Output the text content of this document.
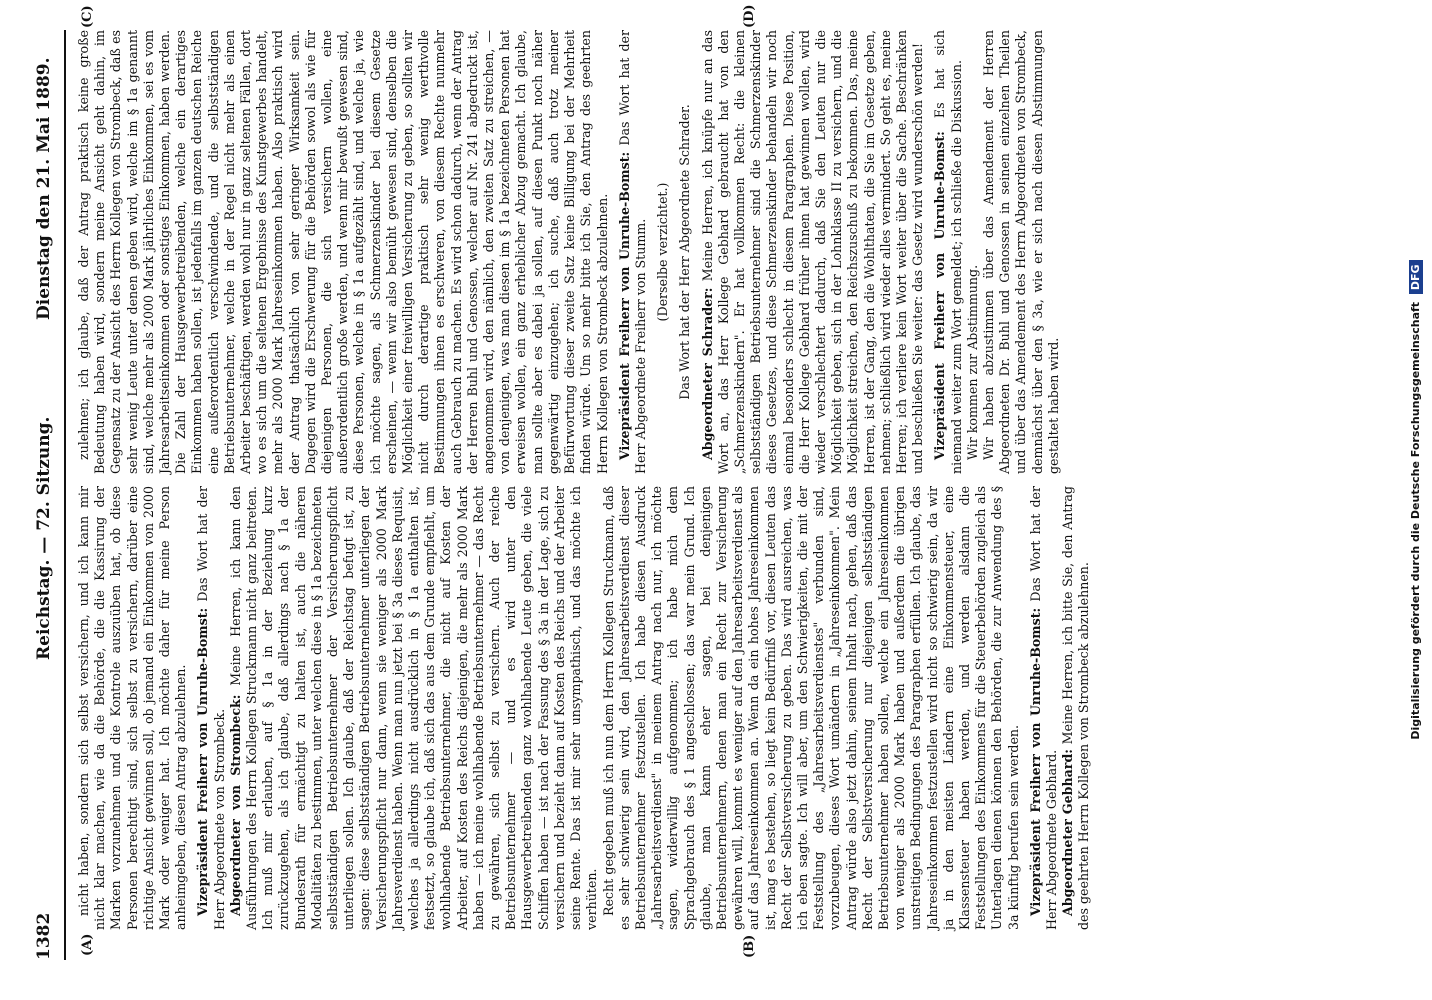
1382
Reichstag. — 72. Sitzung.
Dienstag den 21. Mai 1889.
(A)	(B)
(C)	(D)

nicht haben, sondern sich selbst versichern, und ich kann mir nicht klar machen, wie da die Behörde, die die Kassirung der Marken vorzunehmen und die Kontrole auszuüben hat, ob diese Personen berechtigt sind, sich selbst zu versichern, darüber eine richtige Ansicht gewinnen soll, ob jemand ein Einkommen von 2000 Mark oder weniger hat. Ich möchte daher für meine Person anheimgeben, diesen Antrag abzulehnen. Vizepräsident Freiherr von Unruhe-Bomst: Das Wort hat der Herr Abgeordnete von Strombeck. Abgeordneter von Strombeck: Meine Herren, ich kann den Ausführungen des Herrn Kollegen Struckmann nicht ganz beitreten. Ich muß mir erlauben, auf § 1a in der Beziehung kurz zurückzugehen, als ich glaube, daß allerdings nach § 1a der Bundesrath für ermächtigt zu halten ist, auch die näheren Modalitäten zu bestimmen, unter welchen diese in § 1a bezeichneten selbstständigen Betriebsunternehmer der Versicherungspflicht unterliegen sollen. Ich glaube, daß der Reichstag befugt ist, zu sagen: diese selbstständigen Betriebsunternehmer unterliegen der Versicherungspflicht nur dann, wenn sie weniger als 2000 Mark Jahresverdienst haben. Wenn man nun jetzt bei § 3a dieses Requisit, welches ja allerdings nicht ausdrücklich in § 1a enthalten ist, festsetzt, so glaube ich, daß sich das aus dem Grunde empfiehlt, um wohlhabende Betriebsunternehmer, die nicht auf Kosten der Arbeiter, auf Kosten des Reichs diejenigen, die mehr als 2000 Mark haben — ich meine wohlhabende Betriebsunternehmer — das Recht zu gewähren, sich selbst zu versichern. Auch der reiche Betriebsunternehmer — und es wird unter den Hausgewerbetreibenden ganz wohlhabende Leute geben, die viele Schiffen haben — ist nach der Fassung des § 3a in der Lage, sich zu versichern und bezieht dann auf Kosten des Reichs und der Arbeiter seine Rente. Das ist mir sehr unsympathisch, und das möchte ich verhüten. Recht gegeben muß ich nun dem Herrn Kollegen Struckmann, daß es sehr schwierig sein wird, den Jahresarbeitsverdienst dieser Betriebsunternehmer festzustellen. Ich habe diesen Ausdruck „Jahresarbeitsverdienst" in meinem Antrag nach nur, ich möchte sagen, widerwillig aufgenommen; ich habe mich dem Sprachgebrauch des § 1 angeschlossen; das war mein Grund. Ich glaube, man kann eher sagen, bei denjenigen Betriebsunternehmern, denen man ein Recht zur Versicherung gewähren will, kommt es weniger auf den Jahresarbeitsverdienst als auf das Jahreseinkommen an. Wenn da ein hohes Jahreseinkommen ist, mag es bestehen, so liegt kein Bedürfniß vor, diesen Leuten das Recht der Selbstversicherung zu geben. Das wird ausreichen, was ich eben sagte. Ich will aber, um den Schwierigkeiten, die mit der Feststellung des „Jahresarbeitsverdienstes" verbunden sind, vorzubeugen, dieses Wort umändern in „Jahreseinkommen". Mein Antrag würde also jetzt dahin, seinem Inhalt nach, gehen, daß das Recht der Selbstversicherung nur diejenigen selbstständigen Betriebsunternehmer haben sollen, welche ein Jahreseinkommen von weniger als 2000 Mark haben und außerdem die übrigen unstreitigen Bedingungen des Paragraphen erfüllen. Ich glaube, das Jahreseinkommen festzustellen wird nicht so schwierig sein, da wir ja in den meisten Ländern eine Einkommensteuer, eine Klassensteuer haben werden, und werden alsdann die Feststellungen des Einkommens für die Steuerbehörden zugleich als Unterlagen dienen können den Behörden, die zur Anwendung des § 3a künftig berufen sein werden. Vizepräsident Freiherr von Unruhe-Bomst: Das Wort hat der Herr Abgeordnete Gebhard. Abgeordneter Gebhard: Meine Herren, ich bitte Sie, den Antrag des geehrten Herrn Kollegen von Strombeck abzulehnen.

zulehnen; ich glaube, daß der Antrag praktisch keine große Bedeutung haben wird, sondern meine Ansicht geht dahin, im Gegensatz zu der Ansicht des Herrn Kollegen von Strombeck, daß es sehr wenig Leute unter denen geben wird, welche im § 1a genannt sind, welche mehr als 2000 Mark jährliches Einkommen, sei es vom Jahresarbeitseinkommen oder sonstiges Einkommen, haben werden. Die Zahl der Hausgewerbetreibenden, welche ein derartiges Einkommen haben sollen, ist jedenfalls im ganzen deutschen Reiche eine außerordentlich verschwindende, und die selbstständigen Betriebsunternehmer, welche in der Regel nicht mehr als einen Arbeiter beschäftigen, werden wohl nur in ganz seltenen Fällen, dort wo es sich um die seltenen Ergebnisse des Kunstgewerbes handelt, mehr als 2000 Mark Jahreseinkommen haben. Also praktisch wird der Antrag thatsächlich von sehr geringer Wirksamkeit sein. Dagegen wird die Erschwerung für die Behörden sowol als wie für diejenigen Personen, die sich versichern wollen, eine außerordentlich große werden, und wenn mir bewußt gewesen sind, diese Personen, welche in § 1a aufgezählt sind, und welche ja, wie ich möchte sagen, als Schmerzenskinder bei diesem Gesetze erscheinen, — wenn wir also bemüht gewesen sind, denselben die Möglichkeit einer freiwilligen Versicherung zu geben, so sollten wir nicht durch derartige praktisch sehr wenig werthvolle Bestimmungen ihnen es erschweren, von diesem Rechte nunmehr auch Gebrauch zu machen. Es wird schon dadurch, wenn der Antrag der Herren Buhl und Genossen, welcher auf Nr. 241 abgedruckt ist, angenommen wird, den nämlich, den zweiten Satz zu streichen, — von denjenigen, was man diesen im § 1a bezeichneten Personen hat erweisen wollen, ein ganz erheblicher Abzug gemacht. Ich glaube, man sollte aber es dabei ja sollen, auf diesen Punkt noch näher gegenwärtig einzugehen; ich suche, daß auch trotz meiner Befürwortung dieser zweite Satz keine Billigung bei der Mehrheit finden würde. Um so mehr bitte ich Sie, den Antrag des geehrten Herrn Kollegen von Strombeck abzulehnen. Vizepräsident Freiherr von Unruhe-Bomst: Das Wort hat der Herr Abgeordnete Freiherr von Stumm. (Derselbe verzichtet.) Das Wort hat der Herr Abgeordnete Schrader. Abgeordneter Schrader: Meine Herren, ich knüpfe nur an das Wort an, das Herr Kollege Gebhard gebraucht hat von den „Schmerzenskindern". Er hat vollkommen Recht: die kleinen selbstständigen Betriebsunternehmer sind die Schmerzenskinder dieses Gesetzes, und diese Schmerzenskinder behandeln wir noch einmal besonders schlecht in diesem Paragraphen. Diese Position, die Herr Kollege Gebhard früher ihnen hat gewinnen wollen, wird wieder verschlechtert dadurch, daß Sie den Leuten nur die Möglichkeit geben, sich in der Lohnklasse II zu versichern, und die Möglichkeit streichen, den Reichszuschuß zu bekommen. Das, meine Herren, ist der Gang, den die Wohlthaten, die Sie im Gesetze geben, nehmen; schließlich wird wieder alles vermindert. So geht es, meine Herren; ich verliere kein Wort weiter über die Sache. Beschränken und beschließen Sie weiter: das Gesetz wird wunderschön werden! Vizepräsident Freiherr von Unruhe-Bomst: Es hat sich niemand weiter zum Wort gemeldet; ich schließe die Diskussion. Wir kommen zur Abstimmung. Wir haben abzustimmen über das Amendement der Herren Abgeordneten Dr. Buhl und Genossen in seinen einzelnen Theilen und über das Amendement des Herrn Abgeordneten von Strombeck, demnächst über den § 3a, wie er sich nach diesen Abstimmungen gestaltet haben wird.	Digitalisierung gefördert durch die Deutsche Forschungsgemeinschaft DFG
